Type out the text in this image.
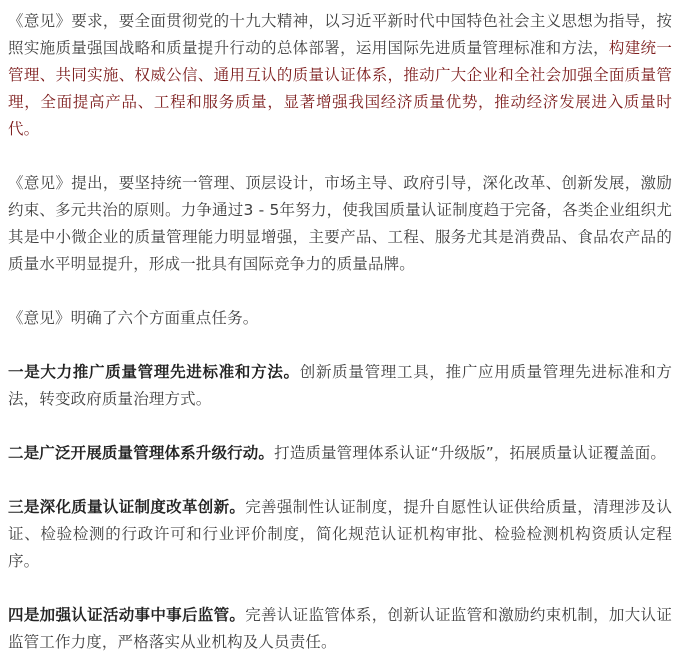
《意见》要求，要全面贯彻党的十九大精神，以习近平新时代中国特色社会主义思想为指导，按照实施质量强国战略和质量提升行动的总体部署，运用国际先进质量管理标准和方法，构建统一管理、共同实施、权威公信、通用互认的质量认证体系，推动广大企业和全社会加强全面质量管理，全面提高产品、工程和服务质量，显著增强我国经济质量优势，推动经济发展进入质量时代。

《意见》提出，要坚持统一管理、顶层设计，市场主导、政府引导，深化改革、创新发展，激励约束、多元共治的原则。力争通过3 - 5年努力，使我国质量认证制度趋于完备，各类企业组织尤其是中小微企业的质量管理能力明显增强，主要产品、工程、服务尤其是消费品、食品农产品的质量水平明显提升，形成一批具有国际竞争力的质量品牌。

《意见》明确了六个方面重点任务。

一是大力推广质量管理先进标准和方法。创新质量管理工具，推广应用质量管理先进标准和方法，转变政府质量治理方式。

二是广泛开展质量管理体系升级行动。打造质量管理体系认证“升级版”，拓展质量认证覆盖面。

三是深化质量认证制度改革创新。完善强制性认证制度，提升自愿性认证供给质量，清理涉及认证、检验检测的行政许可和行业评价制度，简化规范认证机构审批、检验检测机构资质认定程序。

四是加强认证活动事中事后监管。完善认证监管体系，创新认证监管和激励约束机制，加大认证监管工作力度，严格落实从业机构及人员责任。
